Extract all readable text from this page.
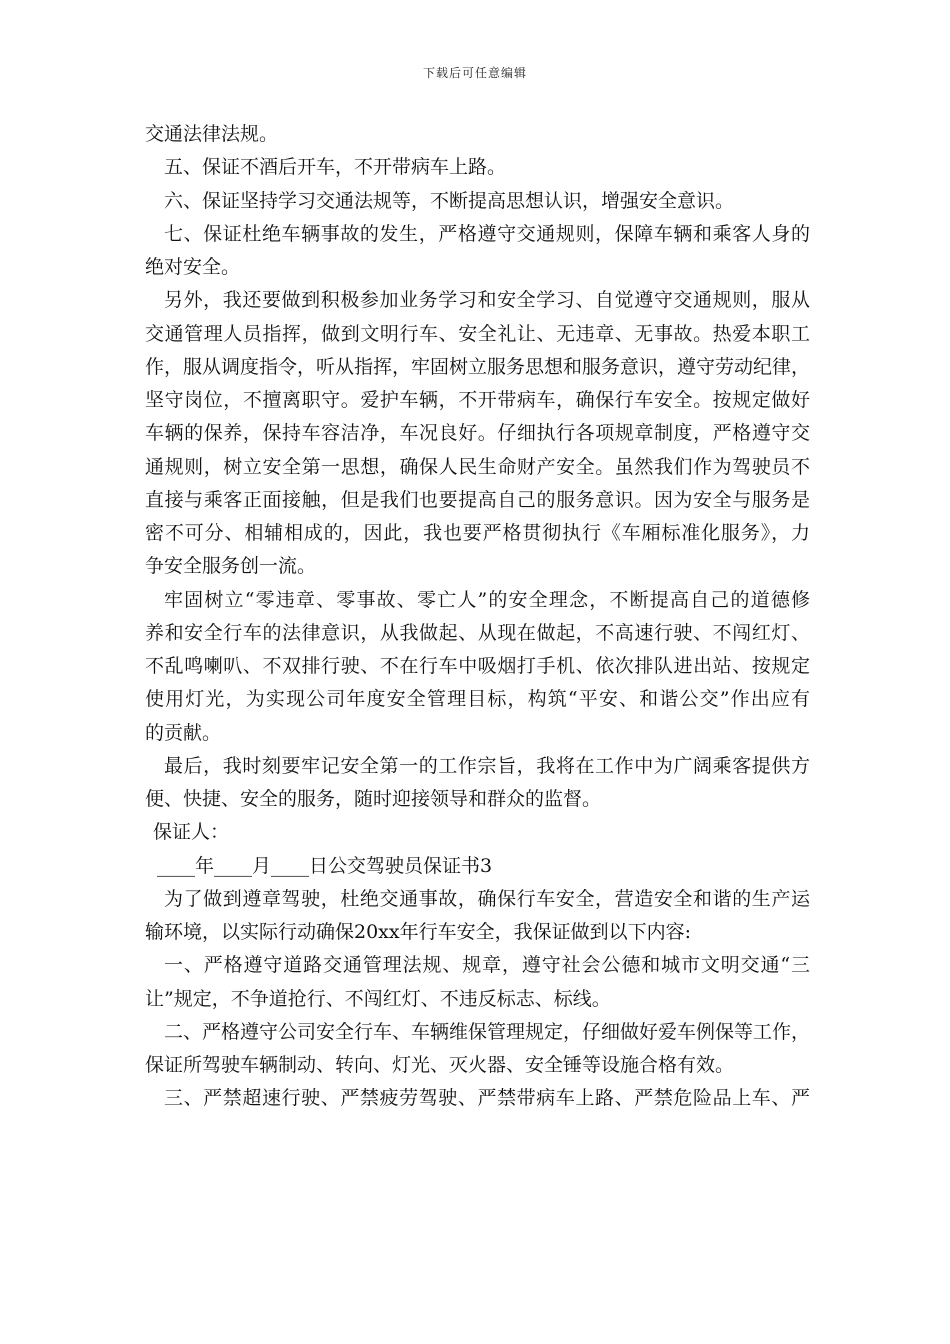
下载后可任意编辑
交通法律法规。
五、保证不酒后开车，不开带病车上路。
六、保证坚持学习交通法规等，不断提高思想认识，增强安全意识。
七、保证杜绝车辆事故的发生，严格遵守交通规则，保障车辆和乘客人身的
绝对安全。
另外，我还要做到积极参加业务学习和安全学习、自觉遵守交通规则，服从
交通管理人员指挥，做到文明行车、安全礼让、无违章、无事故。热爱本职工
作，服从调度指令，听从指挥，牢固树立服务思想和服务意识，遵守劳动纪律，
坚守岗位，不擅离职守。爱护车辆，不开带病车，确保行车安全。按规定做好
车辆的保养，保持车容洁净，车况良好。仔细执行各项规章制度，严格遵守交
通规则，树立安全第一思想，确保人民生命财产安全。虽然我们作为驾驶员不
直接与乘客正面接触，但是我们也要提高自己的服务意识。因为安全与服务是
密不可分、相辅相成的，因此，我也要严格贯彻执行《车厢标准化服务》，力
争安全服务创一流。
牢固树立“零违章、零事故、零亡人”的安全理念，不断提高自己的道德修
养和安全行车的法律意识，从我做起、从现在做起，不高速行驶、不闯红灯、
不乱鸣喇叭、不双排行驶、不在行车中吸烟打手机、依次排队进出站、按规定
使用灯光，为实现公司年度安全管理目标，构筑“平安、和谐公交”作出应有
的贡献。
最后，我时刻要牢记安全第一的工作宗旨，我将在工作中为广阔乘客提供方
便、快捷、安全的服务，随时迎接领导和群众的监督。
保证人：
____年____月____日公交驾驶员保证书3
为了做到遵章驾驶，杜绝交通事故，确保行车安全，营造安全和谐的生产运
输环境，以实际行动确保20xx年行车安全，我保证做到以下内容:
一、严格遵守道路交通管理法规、规章，遵守社会公德和城市文明交通“三
让”规定，不争道抢行、不闯红灯、不违反标志、标线。
二、严格遵守公司安全行车、车辆维保管理规定，仔细做好爱车例保等工作，
保证所驾驶车辆制动、转向、灯光、灭火器、安全锤等设施合格有效。
三、严禁超速行驶、严禁疲劳驾驶、严禁带病车上路、严禁危险品上车、严
